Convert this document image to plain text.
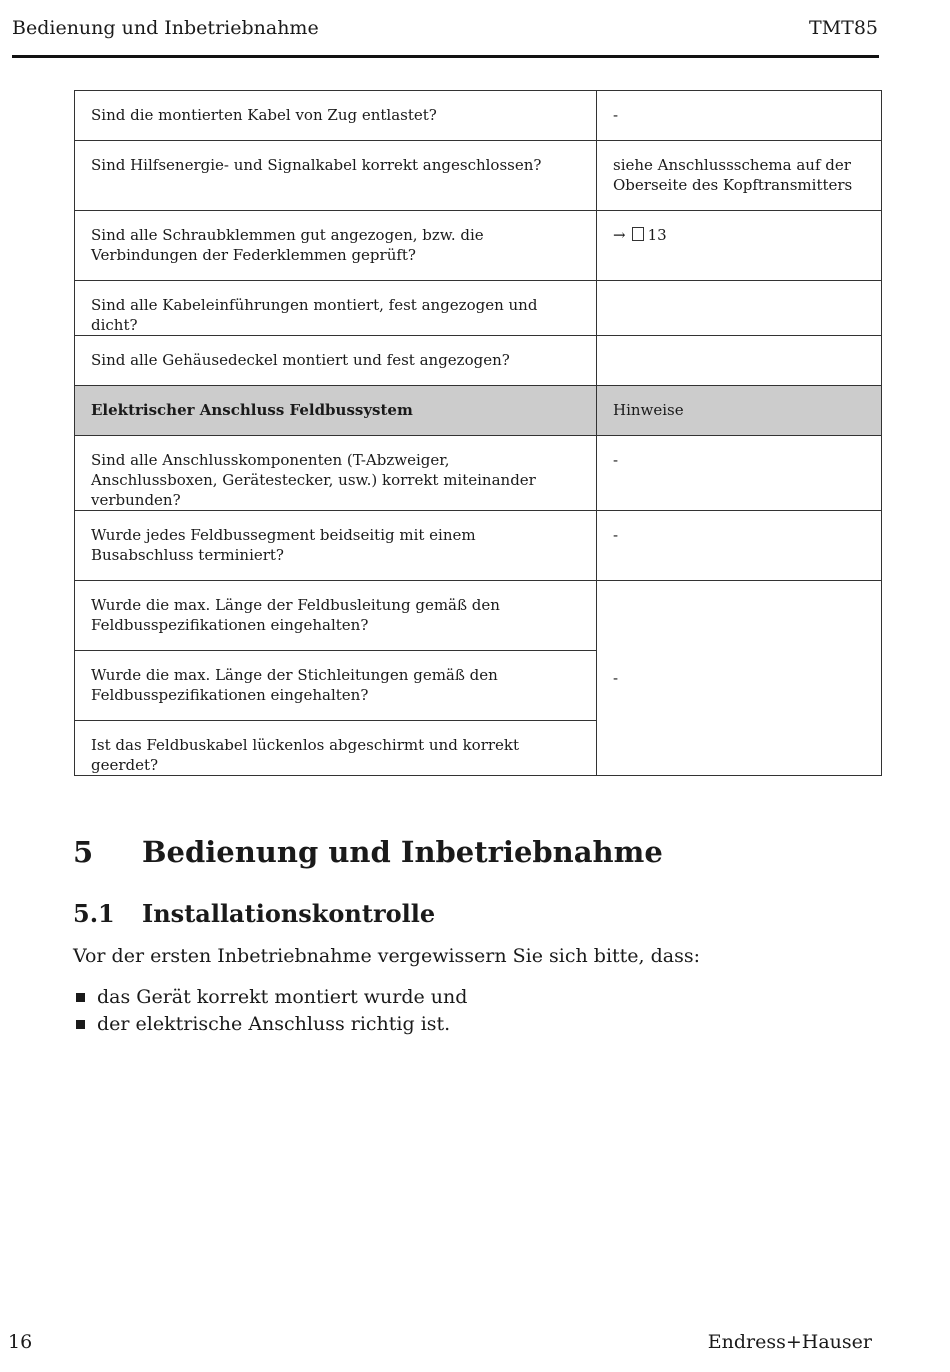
Bedienung und Inbetriebnahme	TMT85
Sind die montierten Kabel von Zug entlastet?	-
Sind Hilfsenergie- und Signalkabel korrekt angeschlossen?	siehe Anschlussschema auf der Oberseite des Kopftransmitters
Sind alle Schraubklemmen gut angezogen, bzw. die Verbindungen der Federklemmen geprüft?	→ 13
Sind alle Kabeleinführungen montiert, fest angezogen und dicht?	
Sind alle Gehäusedeckel montiert und fest angezogen?	
Elektrischer Anschluss Feldbussystem	Hinweise
Sind alle Anschlusskomponenten (T-Abzweiger, Anschlussboxen, Gerätestecker, usw.) korrekt miteinander verbunden?	-
Wurde jedes Feldbussegment beidseitig mit einem Busabschluss terminiert?	-
Wurde die max. Länge der Feldbusleitung gemäß den Feldbusspezifikationen eingehalten?	-
Wurde die max. Länge der Stichleitungen gemäß den Feldbusspezifikationen eingehalten?	
Ist das Feldbuskabel lückenlos abgeschirmt und korrekt geerdet?	
5 Bedienung und Inbetriebnahme
5.1 Installationskontrolle
Vor der ersten Inbetriebnahme vergewissern Sie sich bitte, dass:
das Gerät korrekt montiert wurde und
der elektrische Anschluss richtig ist.
16	Endress+Hauser
